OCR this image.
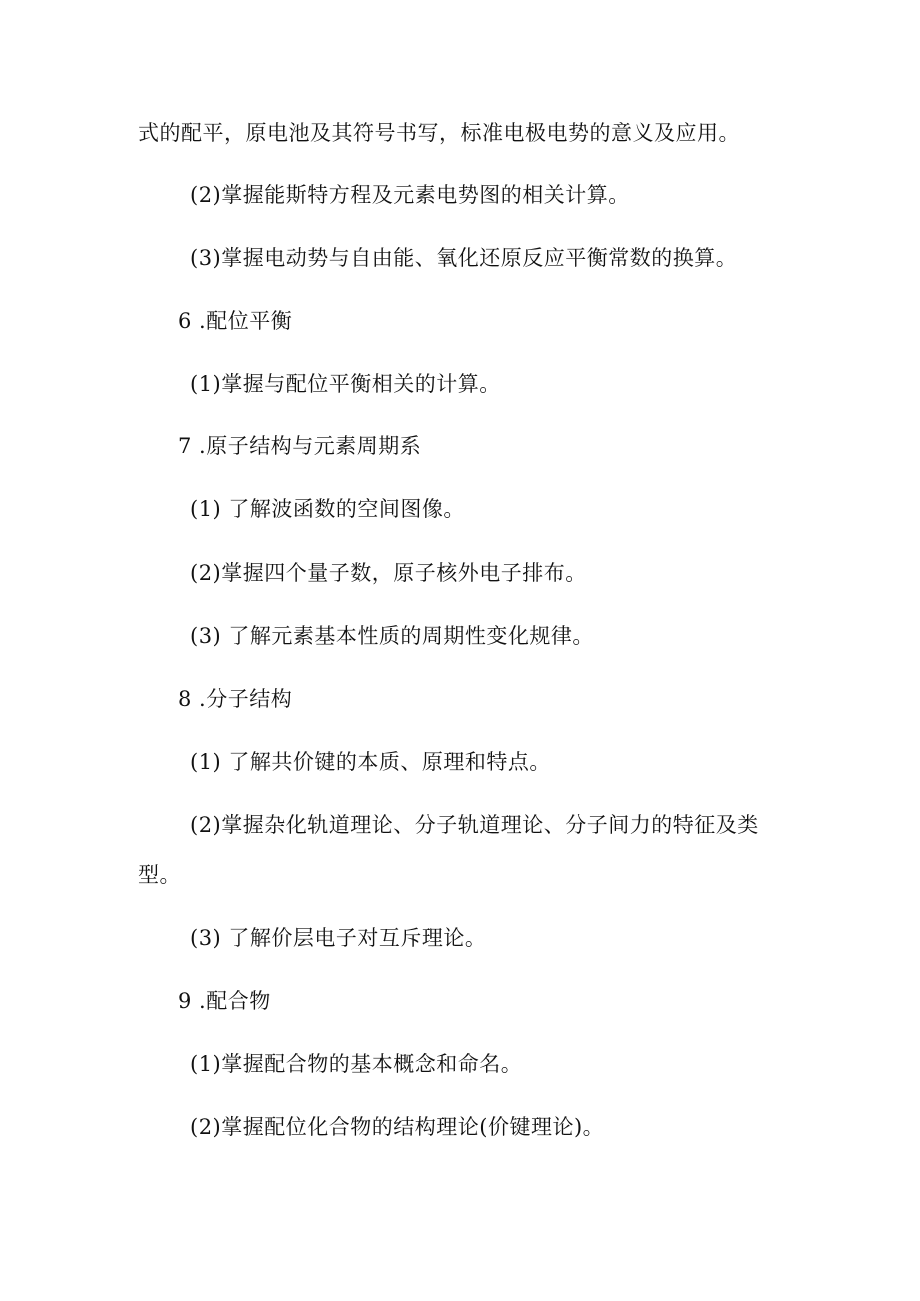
式的配平，原电池及其符号书写，标准电极电势的意义及应用。
(2)掌握能斯特方程及元素电势图的相关计算。
(3)掌握电动势与自由能、氧化还原反应平衡常数的换算。
6 .配位平衡
(1)掌握与配位平衡相关的计算。
7 .原子结构与元素周期系
(1) 了解波函数的空间图像。
(2)掌握四个量子数，原子核外电子排布。
(3) 了解元素基本性质的周期性变化规律。
8 .分子结构
(1) 了解共价键的本质、原理和特点。
(2)掌握杂化轨道理论、分子轨道理论、分子间力的特征及类
型。
(3) 了解价层电子对互斥理论。
9 .配合物
(1)掌握配合物的基本概念和命名。
(2)掌握配位化合物的结构理论(价键理论)。
